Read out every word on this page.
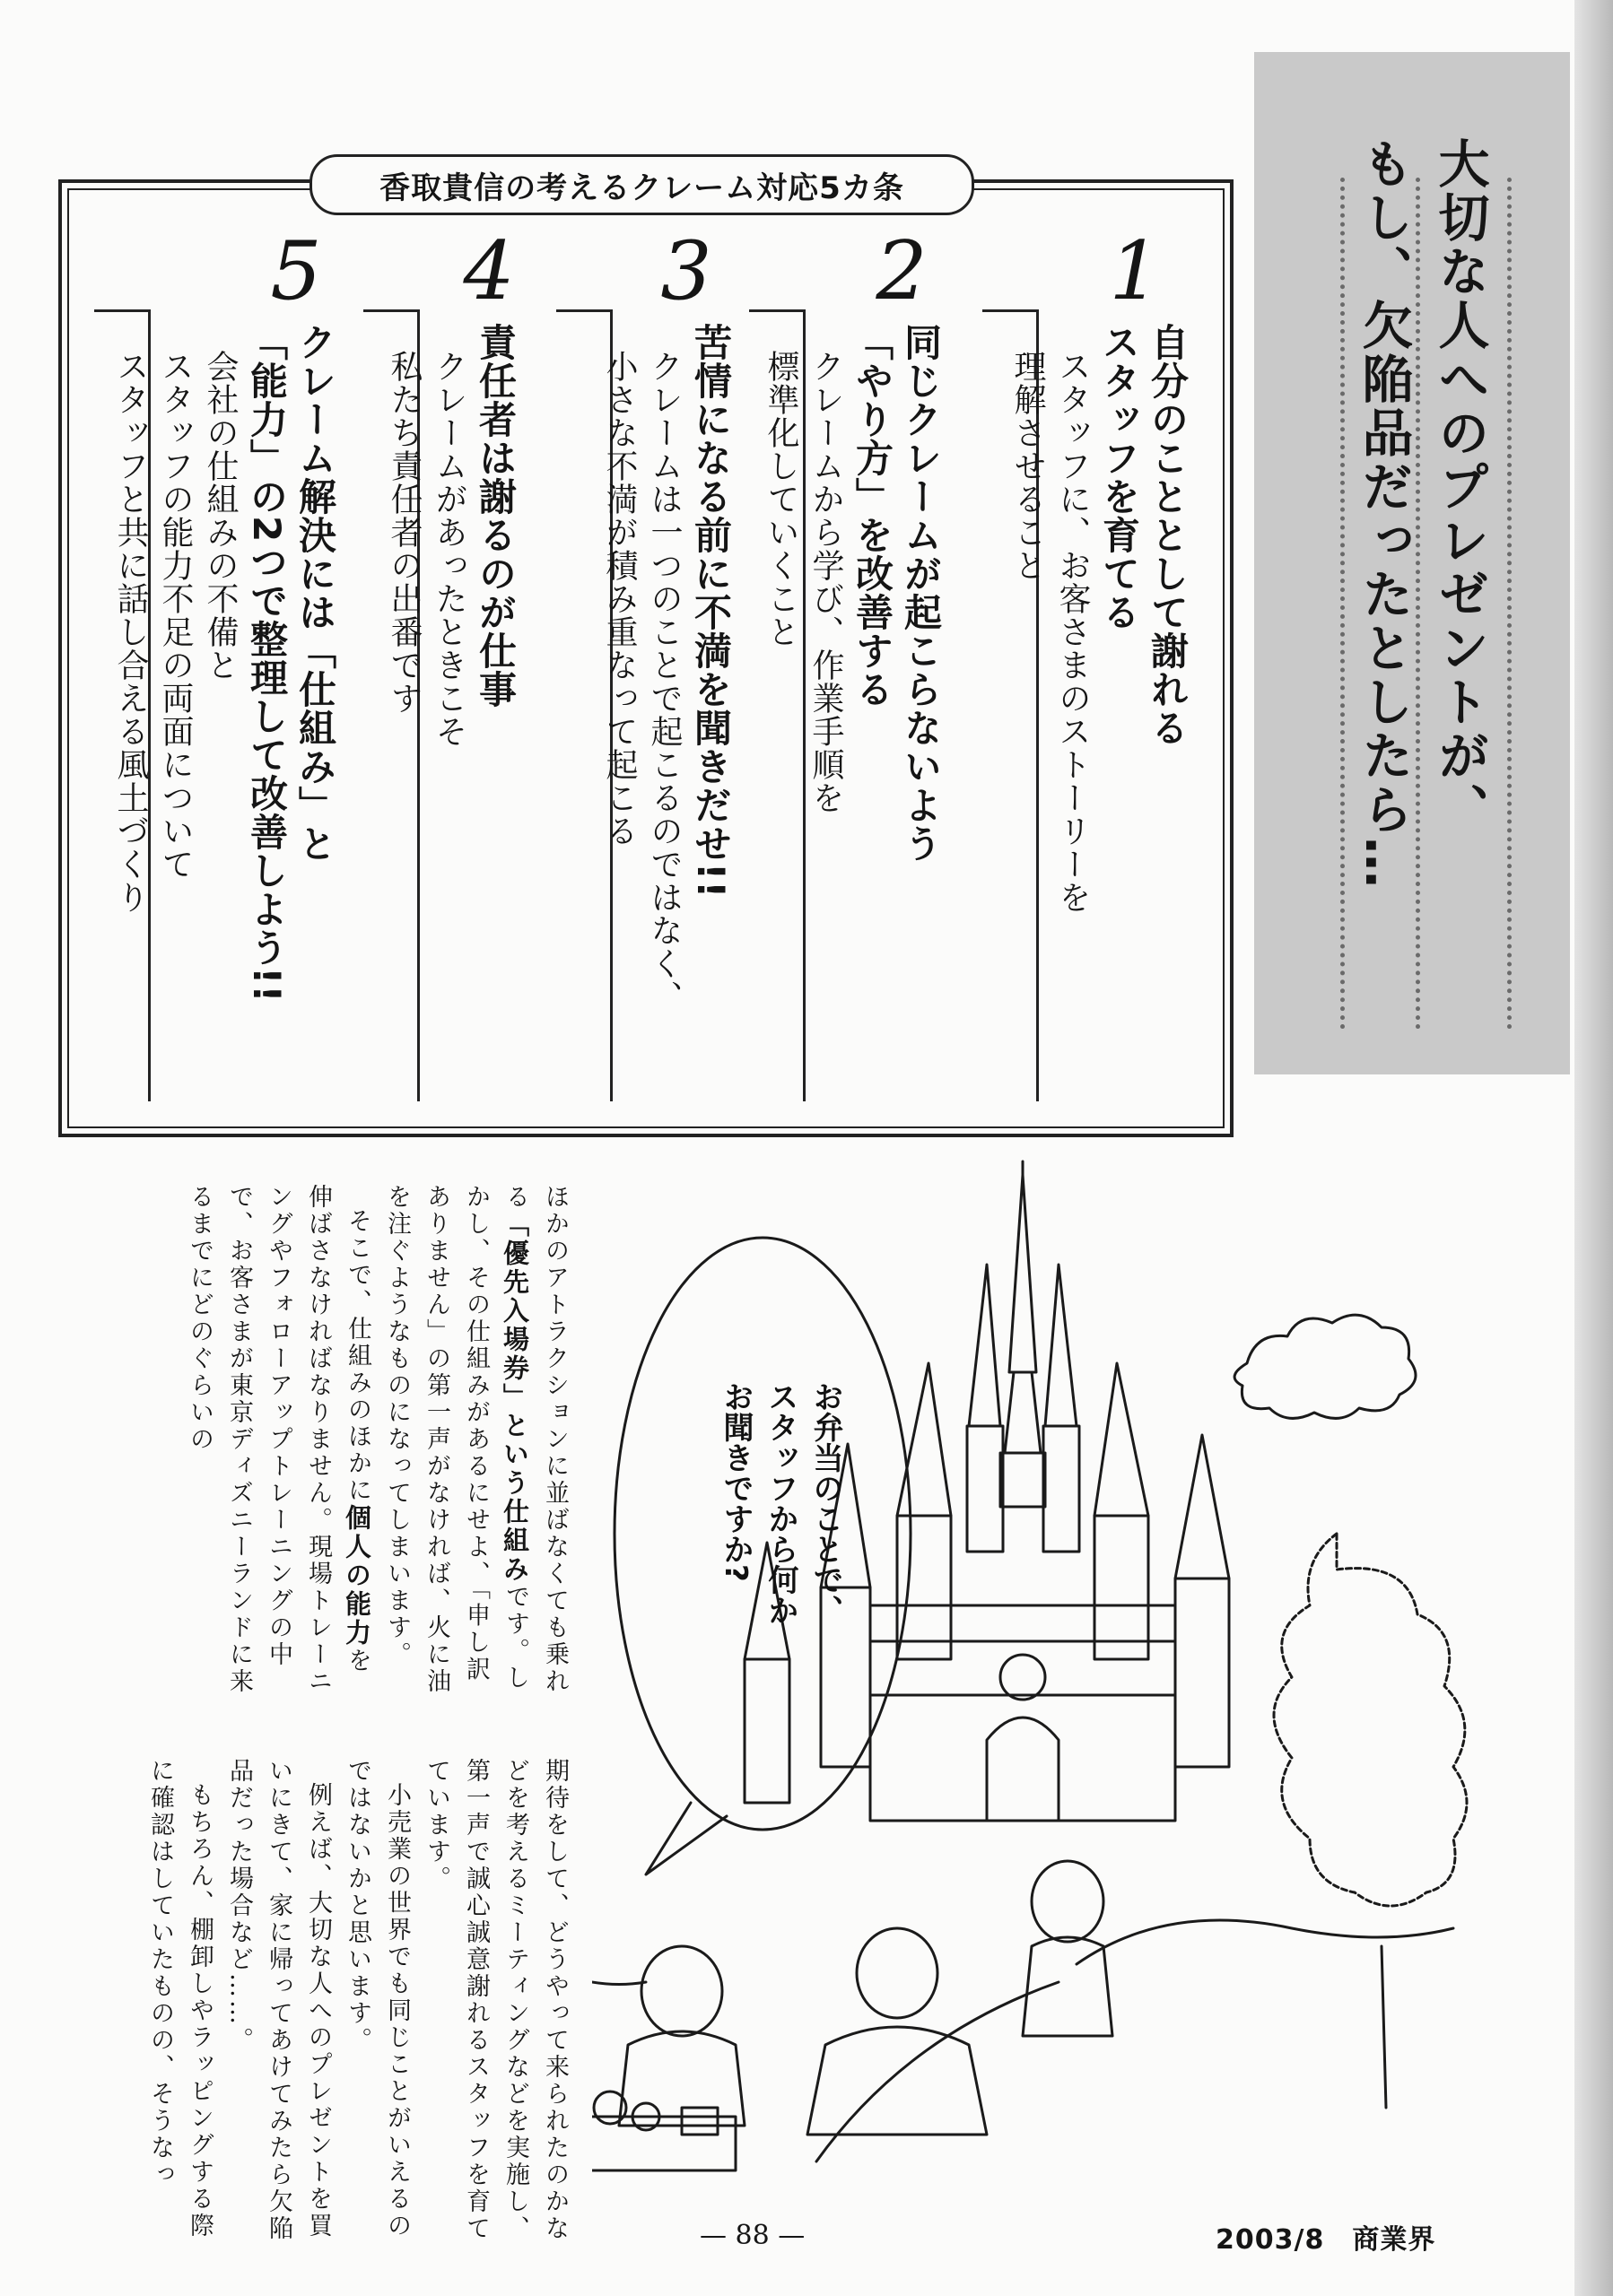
大切な人へのプレゼントが、
もし、欠陥品だったとしたら…
香取貴信の考えるクレーム対応5カ条
1
2
3
4
5
自分のこととして謝れる
スタッフを育てる
スタッフに、お客さまのストーリーを
理解させること
同じクレームが起こらないよう
「やり方」を改善する
クレームから学び、作業手順を
標準化していくこと
苦情になる前に不満を聞きだせ!!
クレームは一つのことで起こるのではなく、
小さな不満が積み重なって起こる
責任者は謝るのが仕事
クレームがあったときこそ
私たち責任者の出番です
クレーム解決には「仕組み」と
「能力」の2つで整理して改善しよう!!
会社の仕組みの不備と
スタッフの能力不足の両面について
スタッフと共に話し合える風土づくり

ほかのアトラクションに並ばなくても乗れる「優先入場券」という仕組みです。しかし、その仕組みがあるにせよ、「申し訳ありません」の第一声がなければ、火に油を注ぐようなものになってしまいます。

そこで、仕組みのほかに個人の能力を伸ばさなければなりません。現場トレーニングやフォローアップトレーニングの中で、お客さまが東京ディズニーランドに来るまでにどのぐらいの

期待をして、どうやって来られたのかなどを考えるミーティングなどを実施し、第一声で誠心誠意謝れるスタッフを育てています。

小売業の世界でも同じことがいえるのではないかと思います。

例えば、大切な人へのプレゼントを買いにきて、家に帰ってあけてみたら欠陥品だった場合など……。

もちろん、棚卸しやラッピングする際に確認はしていたものの、そうなっ

お弁当のことで、
スタッフから何か
お聞きですか?
— 88 —	2003/8　商業界
